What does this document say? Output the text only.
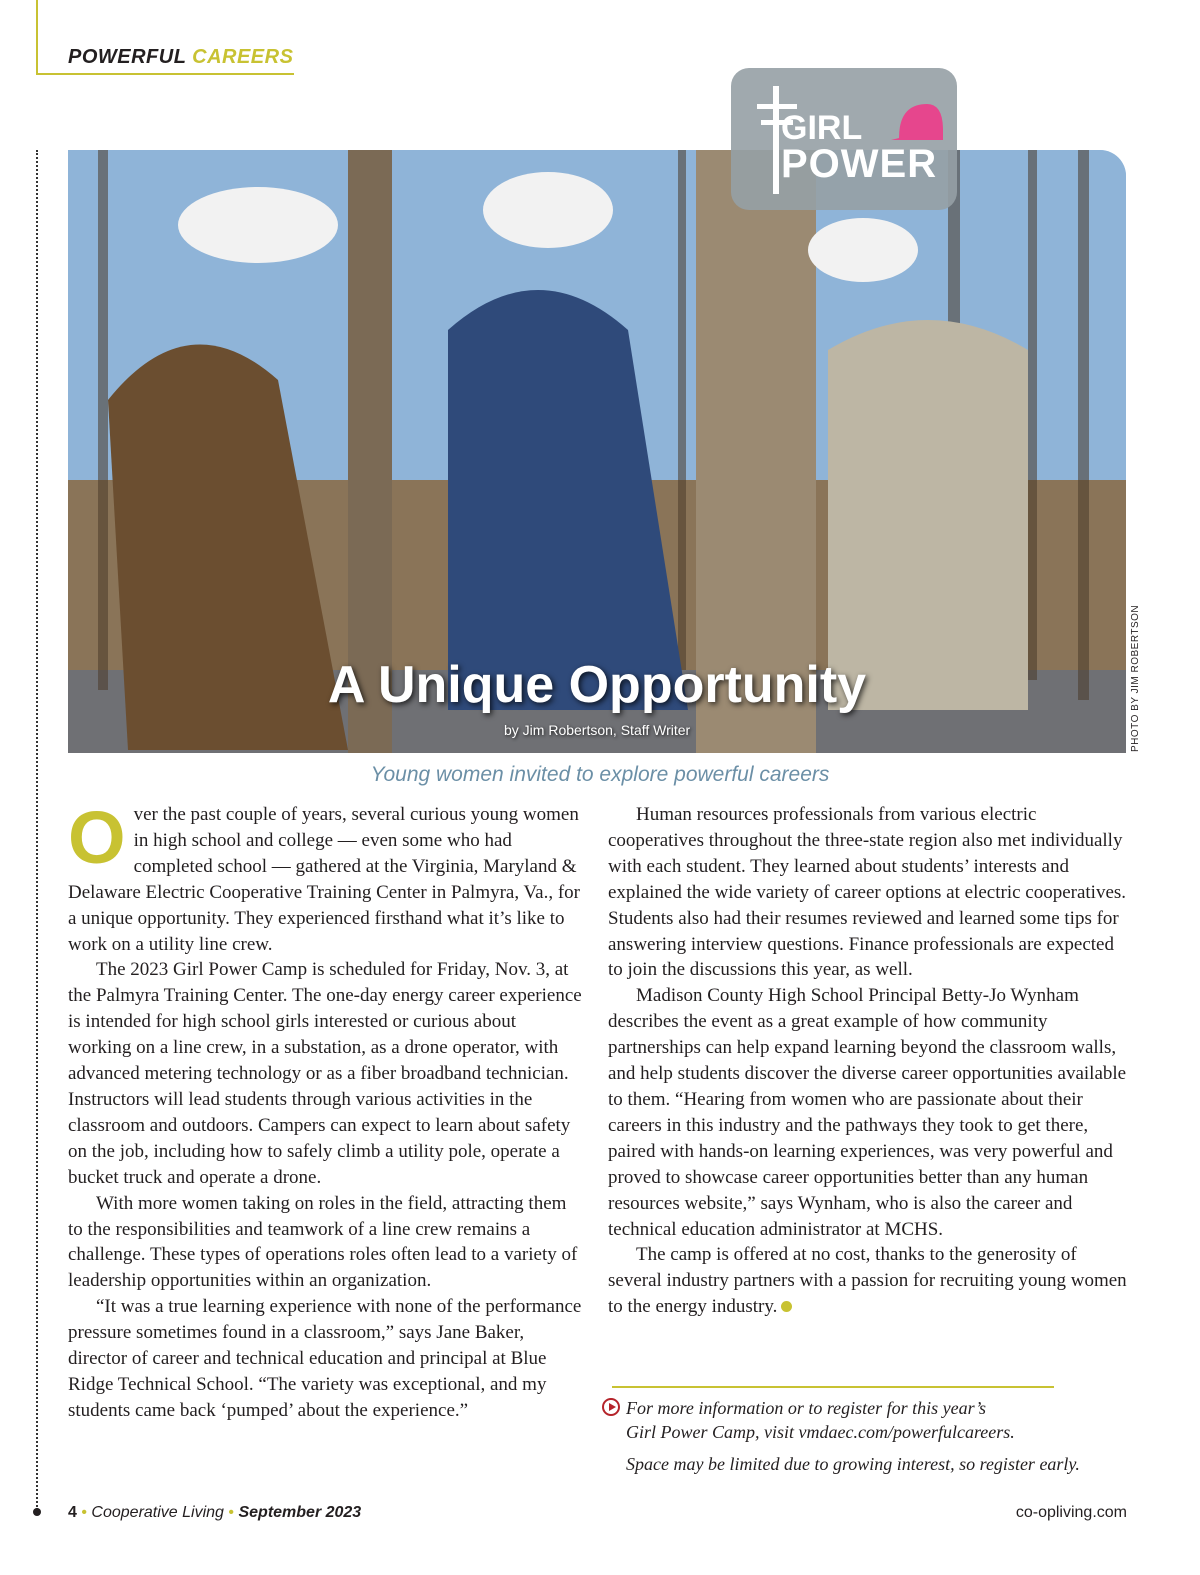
POWERFUL CAREERS
A Unique Opportunity
by Jim Robertson, Staff Writer
GIRL
POWER
PHOTO BY JIM ROBERTSON
Young women invited to explore powerful careers

Over the past couple of years, several curious young women in high school and college — even some who had completed school — gathered at the Virginia, Maryland & Delaware Electric Cooperative Training Center in Palmyra, Va., for a unique opportunity. They experienced firsthand what it’s like to work on a utility line crew.

The 2023 Girl Power Camp is scheduled for Friday, Nov. 3, at the Palmyra Training Center. The one-day energy career experience is intended for high school girls interested or curious about working on a line crew, in a substation, as a drone operator, with advanced metering technology or as a fiber broadband technician. Instructors will lead students through various activities in the classroom and outdoors. Campers can expect to learn about safety on the job, including how to safely climb a utility pole, operate a bucket truck and operate a drone.

With more women taking on roles in the field, attracting them to the responsibilities and teamwork of a line crew remains a challenge. These types of operations roles often lead to a variety of leadership opportunities within an organization.

“It was a true learning experience with none of the performance pressure sometimes found in a classroom,” says Jane Baker, director of career and technical education and principal at Blue Ridge Technical School. “The variety was exceptional, and my students came back ‘pumped’ about the experience.”

Human resources professionals from various electric cooperatives throughout the three-state region also met individually with each student. They learned about students’ interests and explained the wide variety of career options at electric cooperatives. Students also had their resumes reviewed and learned some tips for answering interview questions. Finance professionals are expected to join the discussions this year, as well.

Madison County High School Principal Betty-Jo Wynham describes the event as a great example of how community partnerships can help expand learning beyond the classroom walls, and help students discover the diverse career opportunities available to them. “Hearing from women who are passionate about their careers in this industry and the pathways they took to get there, paired with hands-on learning experiences, was very powerful and proved to showcase career opportunities better than any human resources website,” says Wynham, who is also the career and technical education administrator at MCHS.

The camp is offered at no cost, thanks to the generosity of several industry partners with a passion for recruiting young women to the energy industry.

For more information or to register for this year’s

Girl Power Camp, visit vmdaec.com/powerfulcareers.

Space may be limited due to growing interest, so register early.

4 • Cooperative Living • September 2023	co-opliving.com
